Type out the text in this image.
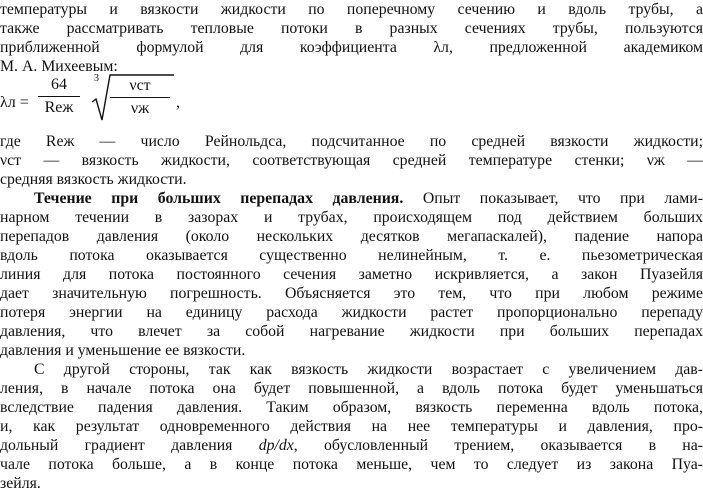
температуры и вязкости жидкости по поперечному сечению и вдоль трубы, а
также рассматривать тепловые потоки в разных сечениях трубы, пользуются
приближенной формулой для коэффициента λл, предложенной академиком
М. А. Михеевым:
λл =
64
Reж
3	νст
νж	,
где Reж — число Рейнольдса, подсчитанное по средней вязкости жидкости;
νст — вязкость жидкости, соответствующая средней температуре стенки; νж —
средняя вязкость жидкости.
Течение при больших перепадах давления. Опыт показывает, что при лами-
нарном течении в зазорах и трубах, происходящем под действием больших
перепадов давления (около нескольких десятков мегапаскалей), падение напора
вдоль потока оказывается существенно нелинейным, т. е. пьезометрическая
линия для потока постоянного сечения заметно искривляется, а закон Пуазейля
дает значительную погрешность. Объясняется это тем, что при любом режиме
потеря энергии на единицу расхода жидкости растет пропорционально перепаду
давления, что влечет за собой нагревание жидкости при больших перепадах
давления и уменьшение ее вязкости.
С другой стороны, так как вязкость жидкости возрастает с увеличением дав-
ления, в начале потока она будет повышенной, а вдоль потока будет уменьшаться
вследствие падения давления. Таким образом, вязкость переменна вдоль потока,
и, как результат одновременного действия на нее температуры и давления, про-
дольный градиент давления dp/dx, обусловленный трением, оказывается в на-
чале потока больше, а в конце потока меньше, чем то следует из закона Пуа-
зейля.
